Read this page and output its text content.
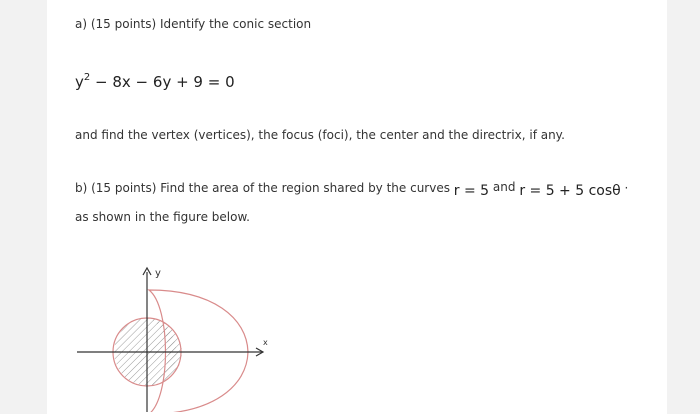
a) (15 points) Identify the conic section
$y^2 - 8x - 6y + 9 = 0$
and find the vertex (vertices), the focus (foci), the center and the directrix, if any.
b) (15 points) Find the area of the region shared by the curves r = 5 and r = 5 + 5 cosθ ·
as shown in the figure below.
y
x
